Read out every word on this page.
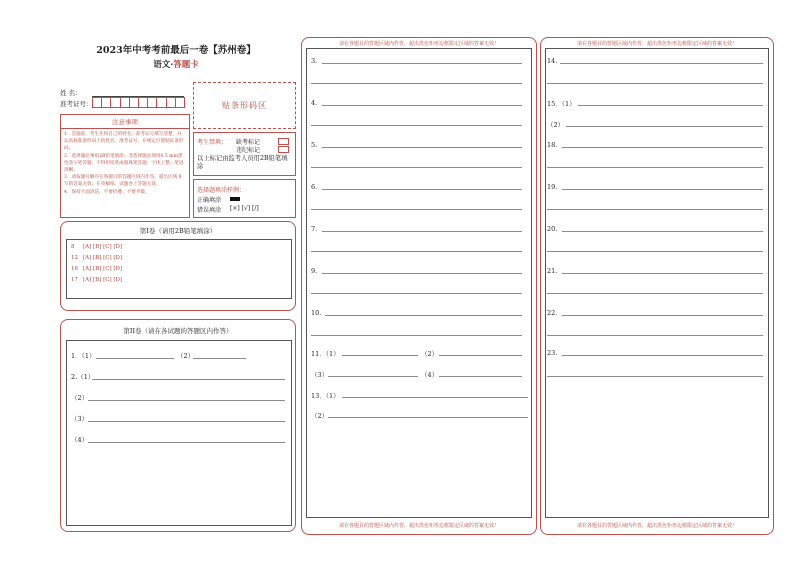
2023年中考考前最后一卷【苏州卷】
语文·答题卡
姓 名：
准考证号：	贴条形码区
注意事项
1．答题前，考生先将自己的姓名，准考证号填写清楚，并认真核准条形码上的姓名、准考证号，在规定位置贴好条形码。
2．选择题必须用2B铅笔填涂；非选择题必须用0.5 mm黑色签字笔答题，不得用铅笔或圆珠笔答题；字体工整、笔迹清晰。
3．请按题号顺序在各题目的答题区域内作答，超出区域书写的答案无效；在草稿纸、试题卷上答题无效。
4．保持卡面清洁，不要折叠、不要弄破。
考生禁填： 缺考标记
违纪标记
以上标记由监考人员用2B铅笔填涂
选择题填涂样例：
正确填涂
错误填涂 [×] [√] [/]
第I卷（请用2B铅笔填涂）
8 [A] [B] [C] [D]
12 [A] [B] [C] [D]
16 [A] [B] [C] [D]
17 [A] [B] [C] [D]
第II卷（请在各试题的答题区内作答）
1．（1）	（2）
2.（1）
（2）
（3）
（4）
请在各题目的答题区域内作答，超出黑色矩形边框限定区域的答案无效！
请在各题目的答题区域内作答，超出黑色矩形边框限定区域的答案无效！
3.
4.
5.
6.
7.
9.
10.
11．（1）	（2）
（3）	（4）
13．（1）
（2）
请在各题目的答题区域内作答，超出黑色矩形边框限定区域的答案无效！
请在各题目的答题区域内作答，超出黑色矩形边框限定区域的答案无效！
14.
15．（1）
（2）
18.
19.
20.
21.
22.
23.
